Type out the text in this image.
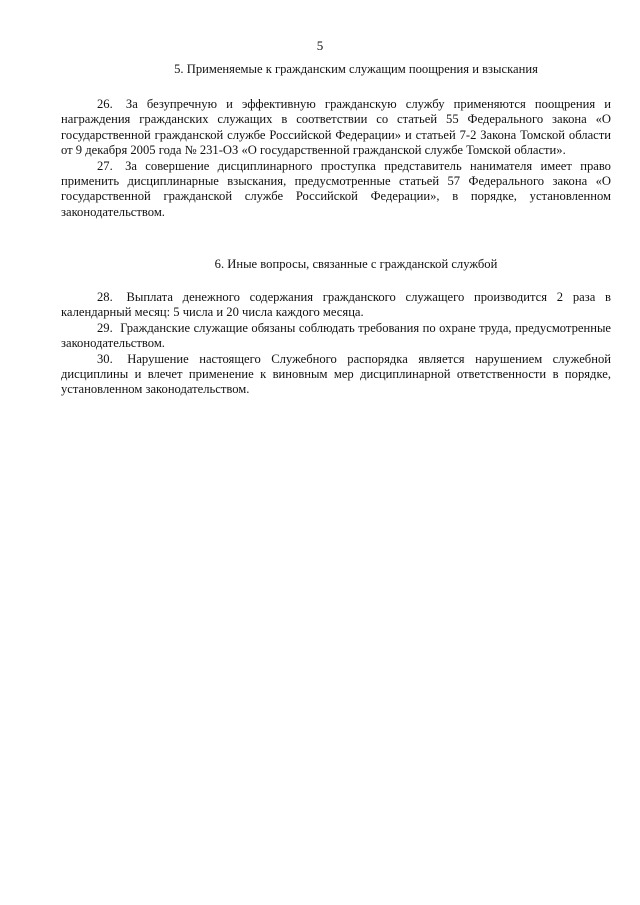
5

5. Применяемые к гражданским служащим поощрения и взыскания

26. За безупречную и эффективную гражданскую службу применяются поощрения и награждения гражданских служащих в соответствии со статьей 55 Федерального закона «О государственной гражданской службе Российской Федерации» и статьей 7-2 Закона Томской области от 9 декабря 2005 года № 231-ОЗ «О государственной гражданской службе Томской области».

27. За совершение дисциплинарного проступка представитель нанимателя имеет право применить дисциплинарные взыскания, предусмотренные статьей 57 Федерального закона «О государственной гражданской службе Российской Федерации», в порядке, установленном законодательством.

6. Иные вопросы, связанные с гражданской службой

28. Выплата денежного содержания гражданского служащего производится 2 раза в календарный месяц: 5 числа и 20 числа каждого месяца.

29. Гражданские служащие обязаны соблюдать требования по охране труда, предусмотренные законодательством.

30. Нарушение настоящего Служебного распорядка является нарушением служебной дисциплины и влечет применение к виновным мер дисциплинарной ответственности в порядке, установленном законодательством.
